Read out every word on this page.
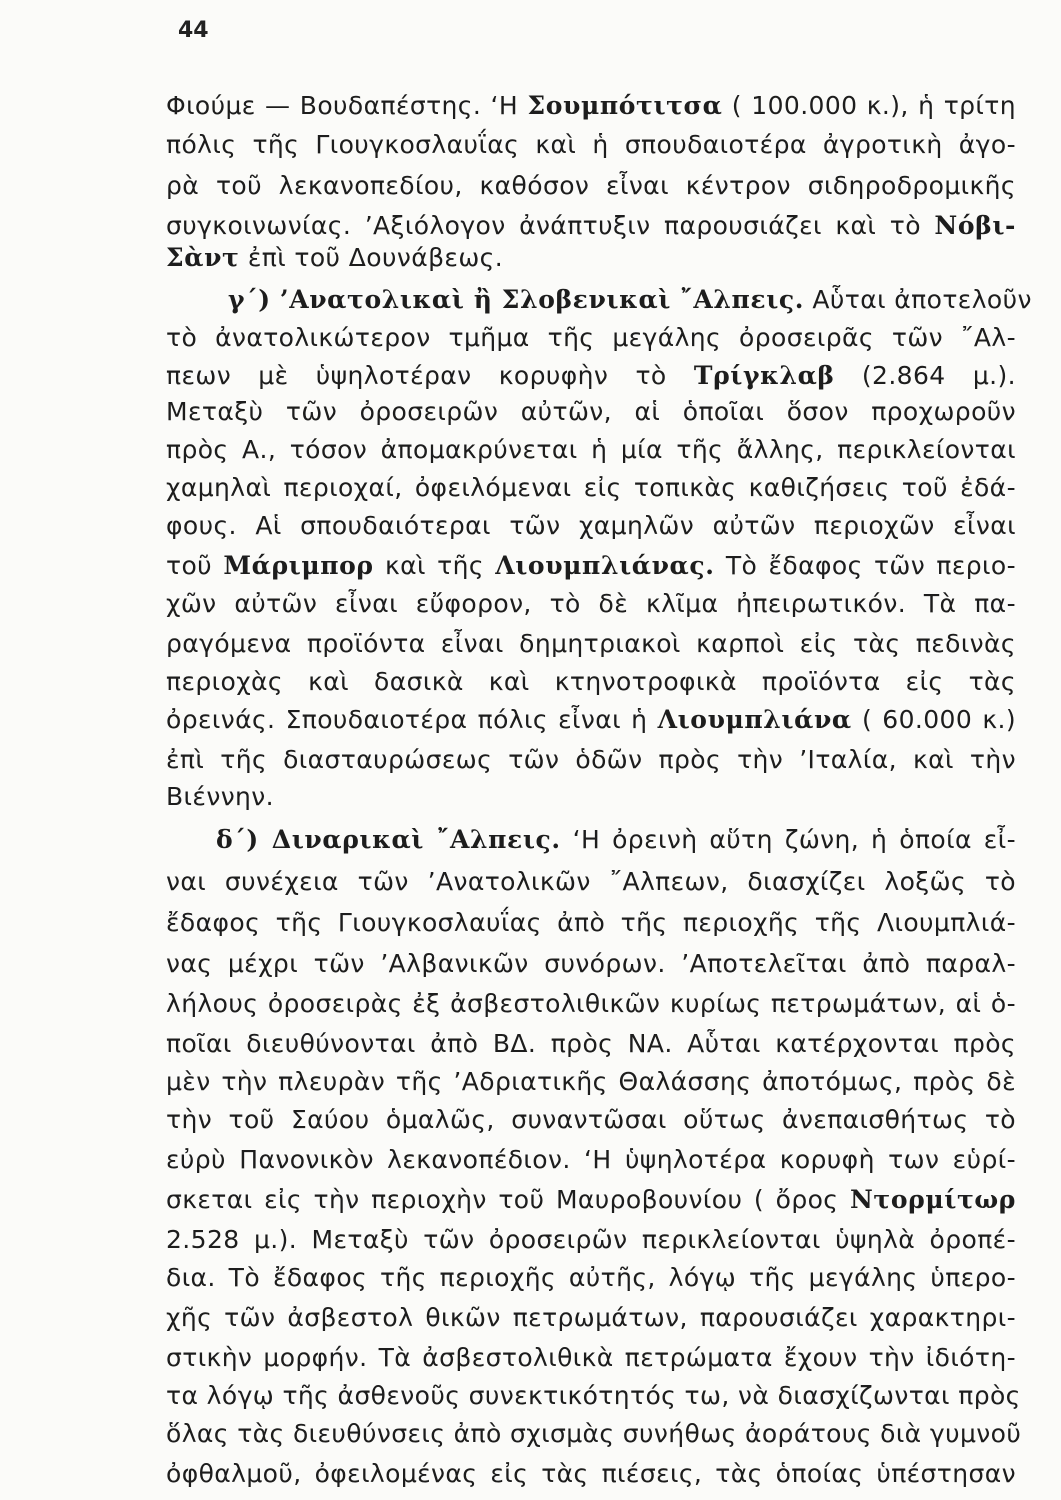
44
Φιούμε — Βουδαπέστης. ‘Η Σουμπότιτσα ( 100.000 κ.), ἡ τρίτη
πόλις τῆς Γιουγκοσλαυΐας καὶ ἡ σπουδαιοτέρα ἀγροτικὴ ἀγο-
ρὰ τοῦ λεκανοπεδίου, καθόσον εἶναι κέντρον σιδηροδρομικῆς
συγκοινωνίας. ’Αξιόλογον ἀνάπτυξιν παρουσιάζει καὶ τὸ Νόβι-
Σὰντ ἐπὶ τοῦ Δουνάβεως.
γ΄) ’Ανατολικαὶ ἢ Σλοβενικαὶ ῎Αλπεις. Αὗται ἀποτελοῦν
τὸ ἀνατολικώτερον τμῆμα τῆς μεγάλης ὀροσειρᾶς τῶν ῎Αλ-
πεων μὲ ὑψηλοτέραν κορυφὴν τὸ Τρίγκλαβ (2.864 μ.).
Μεταξὺ τῶν ὀροσειρῶν αὐτῶν, αἱ ὁποῖαι ὅσον προχωροῦν
πρὸς Α., τόσον ἀπομακρύνεται ἡ μία τῆς ἄλλης, περικλείονται
χαμηλαὶ περιοχαί, ὀφειλόμεναι εἰς τοπικὰς καθιζήσεις τοῦ ἐδά-
φους. Αἱ σπουδαιότεραι τῶν χαμηλῶν αὐτῶν περιοχῶν εἶναι
τοῦ Μάριμπορ καὶ τῆς Λιουμπλιάνας. Τὸ ἔδαφος τῶν περιο-
χῶν αὐτῶν εἶναι εὔφορον, τὸ δὲ κλῖμα ἠπειρωτικόν. Τὰ πα-
ραγόμενα προϊόντα εἶναι δημητριακοὶ καρποὶ εἰς τὰς πεδινὰς
περιοχὰς καὶ δασικὰ καὶ κτηνοτροφικὰ προϊόντα εἰς τὰς
ὀρεινάς. Σπουδαιοτέρα πόλις εἶναι ἡ Λιουμπλιάνα ( 60.000 κ.)
ἐπὶ τῆς διασταυρώσεως τῶν ὁδῶν πρὸς τὴν ’Ιταλία, καὶ τὴν
Βιέννην.
δ΄) Διναρικαὶ ῎Αλπεις. ‘Η ὀρεινὴ αὕτη ζώνη, ἡ ὁποία εἶ-
ναι συνέχεια τῶν ’Ανατολικῶν ῎Αλπεων, διασχίζει λοξῶς τὸ
ἔδαφος τῆς Γιουγκοσλαυΐας ἀπὸ τῆς περιοχῆς τῆς Λιουμπλιά-
νας μέχρι τῶν ’Αλβανικῶν συνόρων. ’Αποτελεῖται ἀπὸ παραλ-
λήλους ὀροσειρὰς ἐξ ἀσβεστολιθικῶν κυρίως πετρωμάτων, αἱ ὁ-
ποῖαι διευθύνονται ἀπὸ ΒΔ. πρὸς ΝΑ. Αὗται κατέρχονται πρὸς
μὲν τὴν πλευρὰν τῆς ’Αδριατικῆς Θαλάσσης ἀποτόμως, πρὸς δὲ
τὴν τοῦ Σαύου ὁμαλῶς, συναντῶσαι οὕτως ἀνεπαισθήτως τὸ
εὐρὺ Πανονικὸν λεκανοπέδιον. ‘Η ὑψηλοτέρα κορυφὴ των εὑρί-
σκεται εἰς τὴν περιοχὴν τοῦ Μαυροβουνίου ( ὄρος Ντορμίτωρ
2.528 μ.). Μεταξὺ τῶν ὀροσειρῶν περικλείονται ὑψηλὰ ὀροπέ-
δια. Τὸ ἔδαφος τῆς περιοχῆς αὐτῆς, λόγῳ τῆς μεγάλης ὑπερο-
χῆς τῶν ἀσβεστολ θικῶν πετρωμάτων, παρουσιάζει χαρακτηρι-
στικὴν μορφήν. Τὰ ἀσβεστολιθικὰ πετρώματα ἔχουν τὴν ἰδιότη-
τα λόγῳ τῆς ἀσθενοῦς συνεκτικότητός τω, νὰ διασχίζωνται πρὸς
ὅλας τὰς διευθύνσεις ἀπὸ σχισμὰς συνήθως ἀοράτους διὰ γυμνοῦ
ὀφθαλμοῦ, ὀφειλομένας εἰς τὰς πιέσεις, τὰς ὁποίας ὑπέστησαν
